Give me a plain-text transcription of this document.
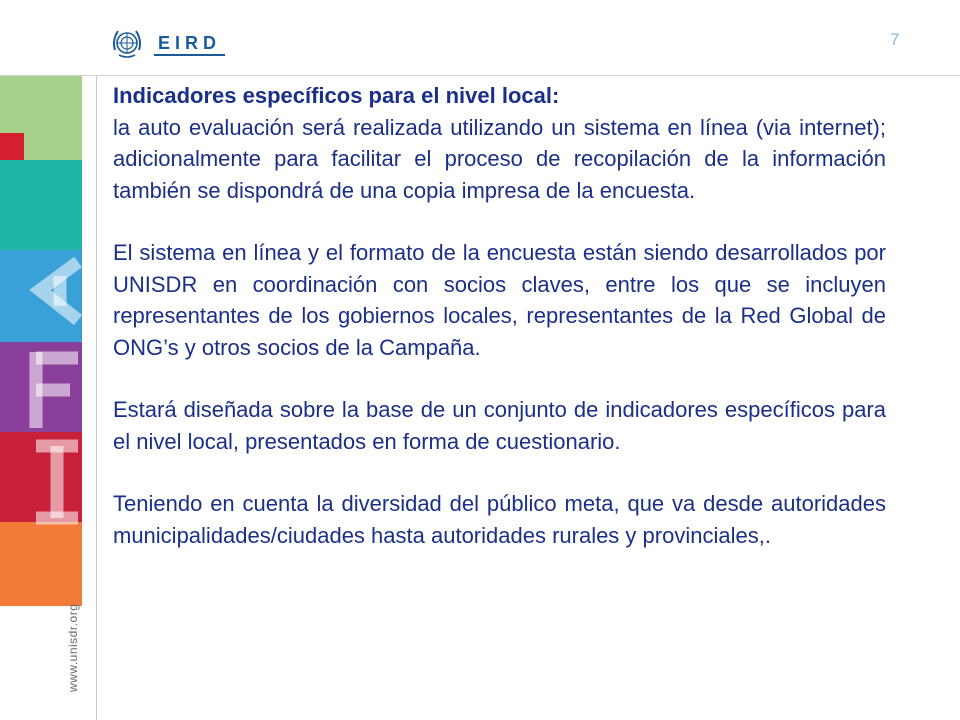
www.unisdr.org
EIRD	7

Indicadores específicos para el nivel local:

la auto evaluación será realizada utilizando un sistema en línea (via internet); adicionalmente para facilitar el proceso de recopilación de la información también se dispondrá de una copia impresa de la encuesta.

El sistema en línea y el formato de la encuesta están siendo desarrollados por UNISDR en coordinación con socios claves, entre los que se incluyen representantes de los gobiernos locales, representantes de la Red Global de ONG’s y otros socios de la Campaña.

Estará diseñada sobre la base de un conjunto de indicadores específicos para el nivel local, presentados en forma de cuestionario.

Teniendo en cuenta la diversidad del público meta, que va desde autoridades municipalidades/ciudades hasta autoridades rurales y provinciales,.
